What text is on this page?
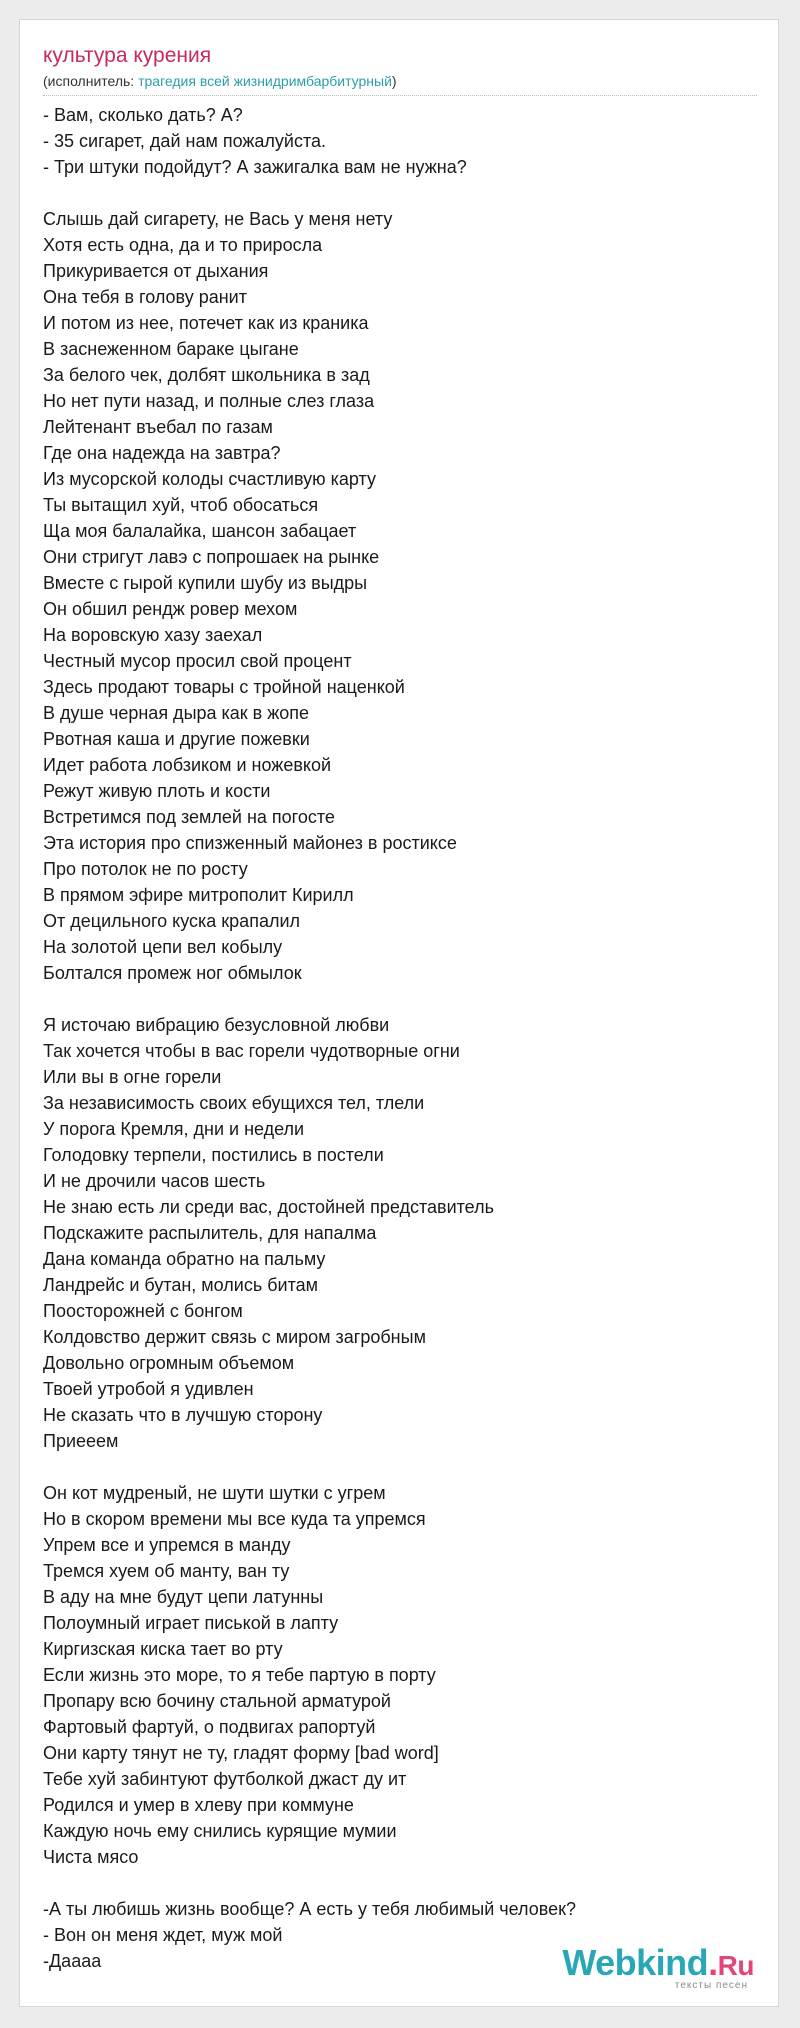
культура курения
(исполнитель: трагедия всей жизнидримбарбитурный)
- Вам, сколько дать? А?
- 35 сигарет, дай нам пожалуйста.
- Три штуки подойдут? А зажигалка вам не нужна?
Слышь дай сигарету, не Вась у меня нету
Хотя есть одна, да и то приросла
Прикуривается от дыхания
Она тебя в голову ранит
И потом из нее, потечет как из краника
В заснеженном бараке цыгане
За белого чек, долбят школьника в зад
Но нет пути назад, и полные слез глаза
Лейтенант въебал по газам
Где она надежда на завтра?
Из мусорской колоды счастливую карту
Ты вытащил хуй, чтоб обосаться
Ща моя балалайка, шансон забацает
Они стригут лавэ с попрошаек на рынке
Вместе с гырой купили шубу из выдры
Он обшил рендж ровер мехом
На воровскую хазу заехал
Честный мусор просил свой процент
Здесь продают товары с тройной наценкой
В душе черная дыра как в жопе
Рвотная каша и другие пожевки
Идет работа лобзиком и ножевкой
Режут живую плоть и кости
Встретимся под землей на погосте
Эта история про спизженный майонез в ростиксе
Про потолок не по росту
В прямом эфире митрополит Кирилл
От децильного куска крапалил
На золотой цепи вел кобылу
Болтался промеж ног обмылок
Я источаю вибрацию безусловной любви
Так хочется чтобы в вас горели чудотворные огни
Или вы в огне горели
За независимость своих ебущихся тел, тлели
У порога Кремля, дни и недели
Голодовку терпели, постились в постели
И не дрочили часов шесть
Не знаю есть ли среди вас, достойней представитель
Подскажите распылитель, для напалма
Дана команда обратно на пальму
Ландрейс и бутан, молись битам
Поосторожней с бонгом
Колдовство держит связь с миром загробным
Довольно огромным объемом
Твоей утробой я удивлен
Не сказать что в лучшую сторону
Приееем
Он кот мудреный, не шути шутки с угрем
Но в скором времени мы все куда та упремся
Упрем все и упремся в манду
Тремся хуем об манту, ван ту
В аду на мне будут цепи латунны
Полоумный играет писькой в лапту
Киргизская киска тает во рту
Если жизнь это море, то я тебе партую в порту
Пропару всю бочину стальной арматурой
Фартовый фартуй, о подвигах рапортуй
Они карту тянут не ту, гладят форму [bad word]
Тебе хуй забинтуют футболкой джаст ду ит
Родился и умер в хлеву при коммуне
Каждую ночь ему снились курящие мумии
Чиста мясо
-А ты любишь жизнь вообще? А есть у тебя любимый человек?
- Вон он меня ждет, муж мой
-Даааа	Webkind.Ru
тексты песен
